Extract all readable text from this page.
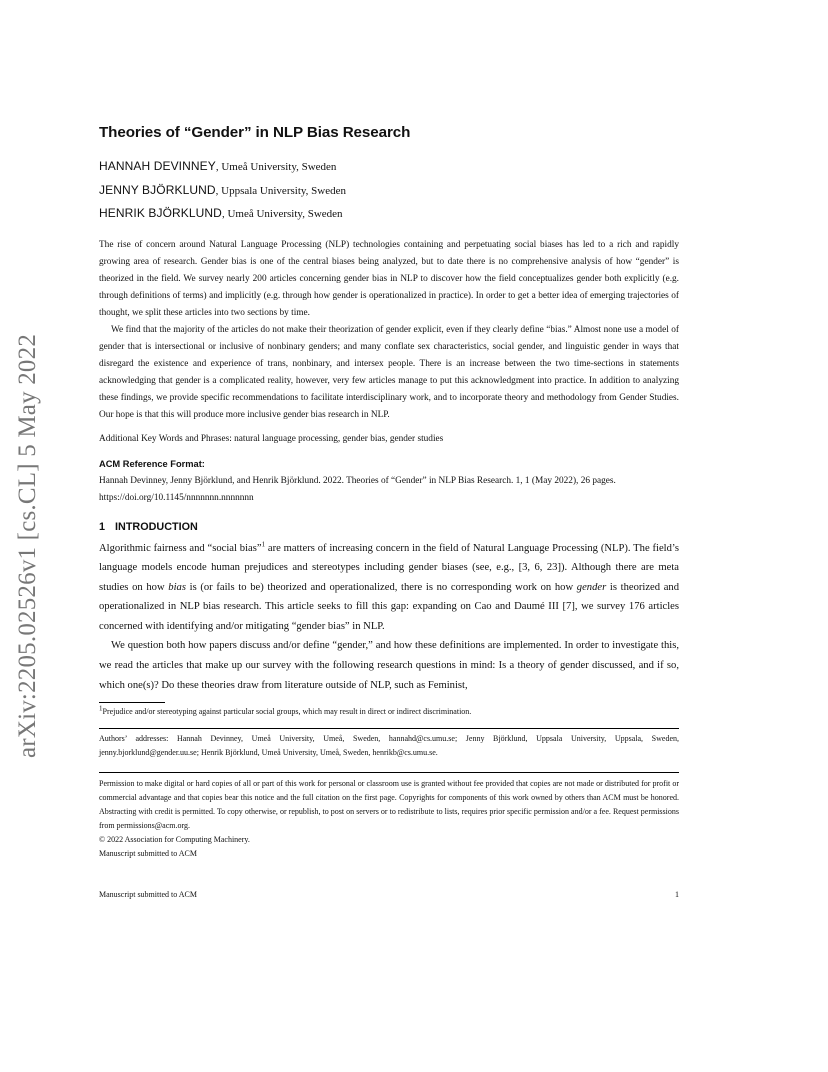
arXiv:2205.02526v1 [cs.CL] 5 May 2022
Theories of “Gender” in NLP Bias Research
HANNAH DEVINNEY, Umeå University, Sweden
JENNY BJÖRKLUND, Uppsala University, Sweden
HENRIK BJÖRKLUND, Umeå University, Sweden

The rise of concern around Natural Language Processing (NLP) technologies containing and perpetuating social biases has led to a rich and rapidly growing area of research. Gender bias is one of the central biases being analyzed, but to date there is no comprehensive analysis of how “gender” is theorized in the field. We survey nearly 200 articles concerning gender bias in NLP to discover how the field conceptualizes gender both explicitly (e.g. through definitions of terms) and implicitly (e.g. through how gender is operationalized in practice). In order to get a better idea of emerging trajectories of thought, we split these articles into two sections by time.

We find that the majority of the articles do not make their theorization of gender explicit, even if they clearly define “bias.” Almost none use a model of gender that is intersectional or inclusive of nonbinary genders; and many conflate sex characteristics, social gender, and linguistic gender in ways that disregard the existence and experience of trans, nonbinary, and intersex people. There is an increase between the two time-sections in statements acknowledging that gender is a complicated reality, however, very few articles manage to put this acknowledgment into practice. In addition to analyzing these findings, we provide specific recommendations to facilitate interdisciplinary work, and to incorporate theory and methodology from Gender Studies. Our hope is that this will produce more inclusive gender bias research in NLP.

Additional Key Words and Phrases: natural language processing, gender bias, gender studies

ACM Reference Format:
Hannah Devinney, Jenny Björklund, and Henrik Björklund. 2022. Theories of “Gender” in NLP Bias Research. 1, 1 (May 2022), 26 pages. https://doi.org/10.1145/nnnnnnn.nnnnnnn
1 INTRODUCTION

Algorithmic fairness and “social bias”$^1$ are matters of increasing concern in the field of Natural Language Processing (NLP). The field’s language models encode human prejudices and stereotypes including gender biases (see, e.g., [3, 6, 23]). Although there are meta studies on how bias is (or fails to be) theorized and operationalized, there is no corresponding work on how gender is theorized and operationalized in NLP bias research. This article seeks to fill this gap: expanding on Cao and Daumé III [7], we survey 176 articles concerned with identifying and/or mitigating “gender bias” in NLP.

We question both how papers discuss and/or define “gender,” and how these definitions are implemented. In order to investigate this, we read the articles that make up our survey with the following research questions in mind: Is a theory of gender discussed, and if so, which one(s)? Do these theories draw from literature outside of NLP, such as Feminist,

$^1$Prejudice and/or stereotyping against particular social groups, which may result in direct or indirect discrimination.
Authors’ addresses: Hannah Devinney, Umeå University, Umeå, Sweden, hannahd@cs.umu.se; Jenny Björklund, Uppsala University, Uppsala, Sweden, jenny.bjorklund@gender.uu.se; Henrik Björklund, Umeå University, Umeå, Sweden, henrikb@cs.umu.se.
Permission to make digital or hard copies of all or part of this work for personal or classroom use is granted without fee provided that copies are not made or distributed for profit or commercial advantage and that copies bear this notice and the full citation on the first page. Copyrights for components of this work owned by others than ACM must be honored. Abstracting with credit is permitted. To copy otherwise, or republish, to post on servers or to redistribute to lists, requires prior specific permission and/or a fee. Request permissions from permissions@acm.org.
© 2022 Association for Computing Machinery.
Manuscript submitted to ACM
Manuscript submitted to ACM	1
